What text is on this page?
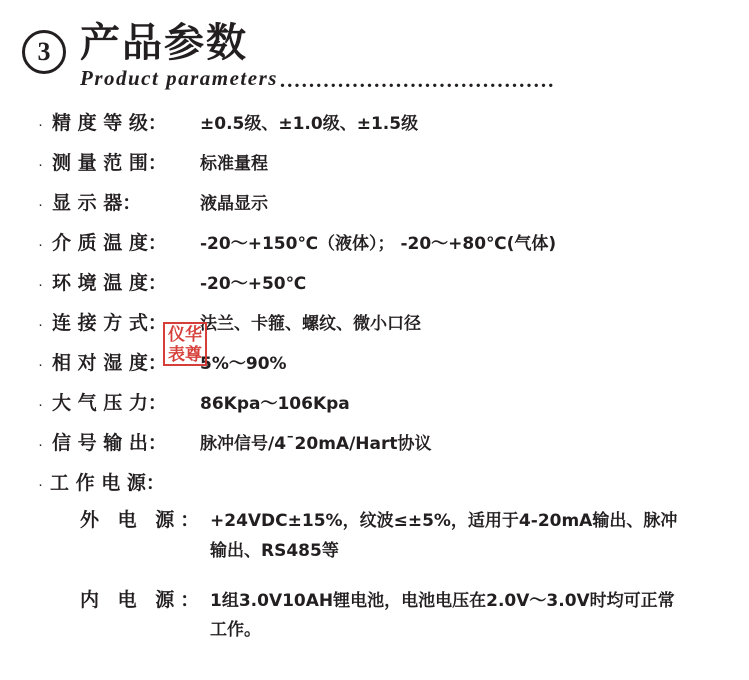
3 产品参数
Product parameters ......................................
· 精 度 等 级：	±0.5级、±1.0级、±1.5级
· 测 量 范 围：	标准量程
· 显 示 器：	液晶显示
· 介 质 温 度：	-20～+150℃（液体）； -20～+80℃(气体)
· 环 境 温 度：	-20～+50℃
· 连 接 方 式：	法兰、卡箍、螺纹、微小口径
· 相 对 湿 度：	5%～90%
· 大 气 压 力：	86Kpa～106Kpa
· 信 号 输 出：	脉冲信号/4ˉ20mA/Hart协议
· 工 作 电 源：
外 电 源： +24VDC±15%，纹波≤±5%，适用于4-20mA输出、脉冲输出、RS485等
内 电 源： 1组3.0V10AH锂电池，电池电压在2.0V～3.0V时均可正常工作。
仪华
表尊
